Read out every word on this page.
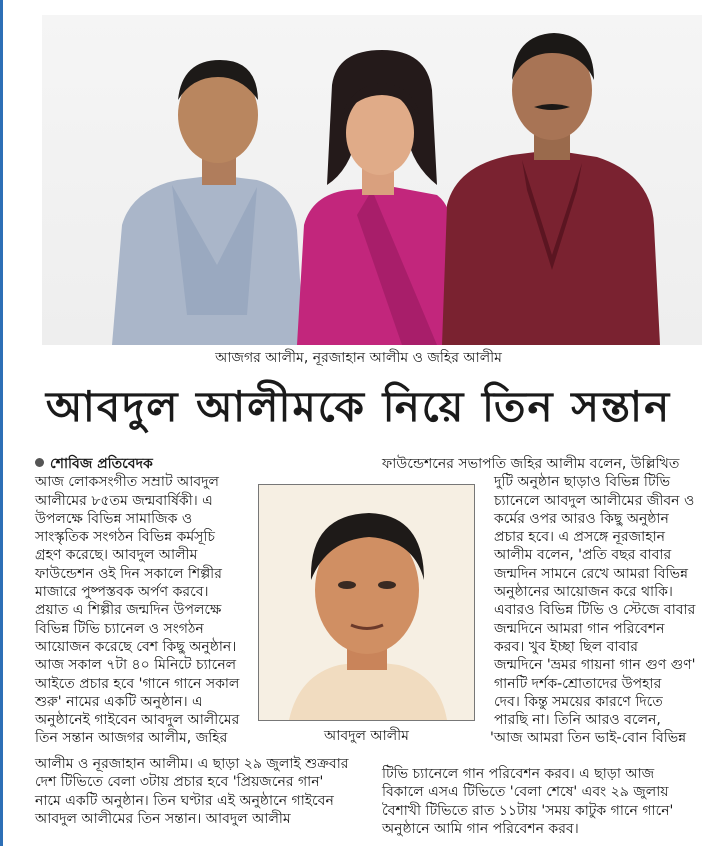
আজগর আলীম, নূরজাহান আলীম ও জহির আলীম
আবদুল আলীমকে নিয়ে তিন সন্তান

শোবিজ প্রতিবেদক

আজ লোকসংগীত সম্রাট আবদুল
আলীমের ৮৫তম জন্মবার্ষিকী। এ
উপলক্ষে বিভিন্ন সামাজিক ও
সাংস্কৃতিক সংগঠন বিভিন্ন কর্মসূচি
গ্রহণ করেছে। আবদুল আলীম
ফাউন্ডেশন ওই দিন সকালে শিল্পীর
মাজারে পুষ্পস্তবক অর্পণ করবে।
প্রয়াত এ শিল্পীর জন্মদিন উপলক্ষে
বিভিন্ন টিভি চ্যানেল ও সংগঠন
আয়োজন করেছে বেশ কিছু অনুষ্ঠান।
আজ সকাল ৭টা ৪০ মিনিটে চ্যানেল
আইতে প্রচার হবে 'গানে গানে সকাল
শুরু' নামের একটি অনুষ্ঠান। এ
অনুষ্ঠানেই গাইবেন আবদুল আলীমের
তিন সন্তান আজগর আলীম, জহির
আলীম ও নূরজাহান আলীম। এ ছাড়া ২৯ জুলাই শুক্রবার
দেশ টিভিতে বেলা ৩টায় প্রচার হবে 'প্রিয়জনের গান'
নামে একটি অনুষ্ঠান। তিন ঘণ্টার এই অনুষ্ঠানে গাইবেন
আবদুল আলীমের তিন সন্তান। আবদুল আলীম
আবদুল আলীম
ফাউন্ডেশনের সভাপতি জহির আলীম বলেন, উল্লিখিত
দুটি অনুষ্ঠান ছাড়াও বিভিন্ন টিভি
চ্যানেলে আবদুল আলীমের জীবন ও
কর্মের ওপর আরও কিছু অনুষ্ঠান
প্রচার হবে। এ প্রসঙ্গে নূরজাহান
আলীম বলেন, 'প্রতি বছর বাবার
জন্মদিন সামনে রেখে আমরা বিভিন্ন
অনুষ্ঠানের আয়োজন করে থাকি।
এবারও বিভিন্ন টিভি ও স্টেজে বাবার
জন্মদিনে আমরা গান পরিবেশন
করব। খুব ইচ্ছা ছিল বাবার
জন্মদিনে 'ভ্রমর গায়না গান গুণ গুণ'
গানটি দর্শক-শ্রোতাদের উপহার
দেব। কিন্তু সময়ের কারণে দিতে
পারছি না। তিনি আরও বলেন,
'আজ আমরা তিন ভাই-বোন বিভিন্ন
টিভি চ্যানেলে গান পরিবেশন করব। এ ছাড়া আজ
বিকালে এসএ টিভিতে 'বেলা শেষে' এবং ২৯ জুলায়
বৈশাখী টিভিতে রাত ১১টায় 'সময় কাটুক গানে গানে'
অনুষ্ঠানে আমি গান পরিবেশন করব।
